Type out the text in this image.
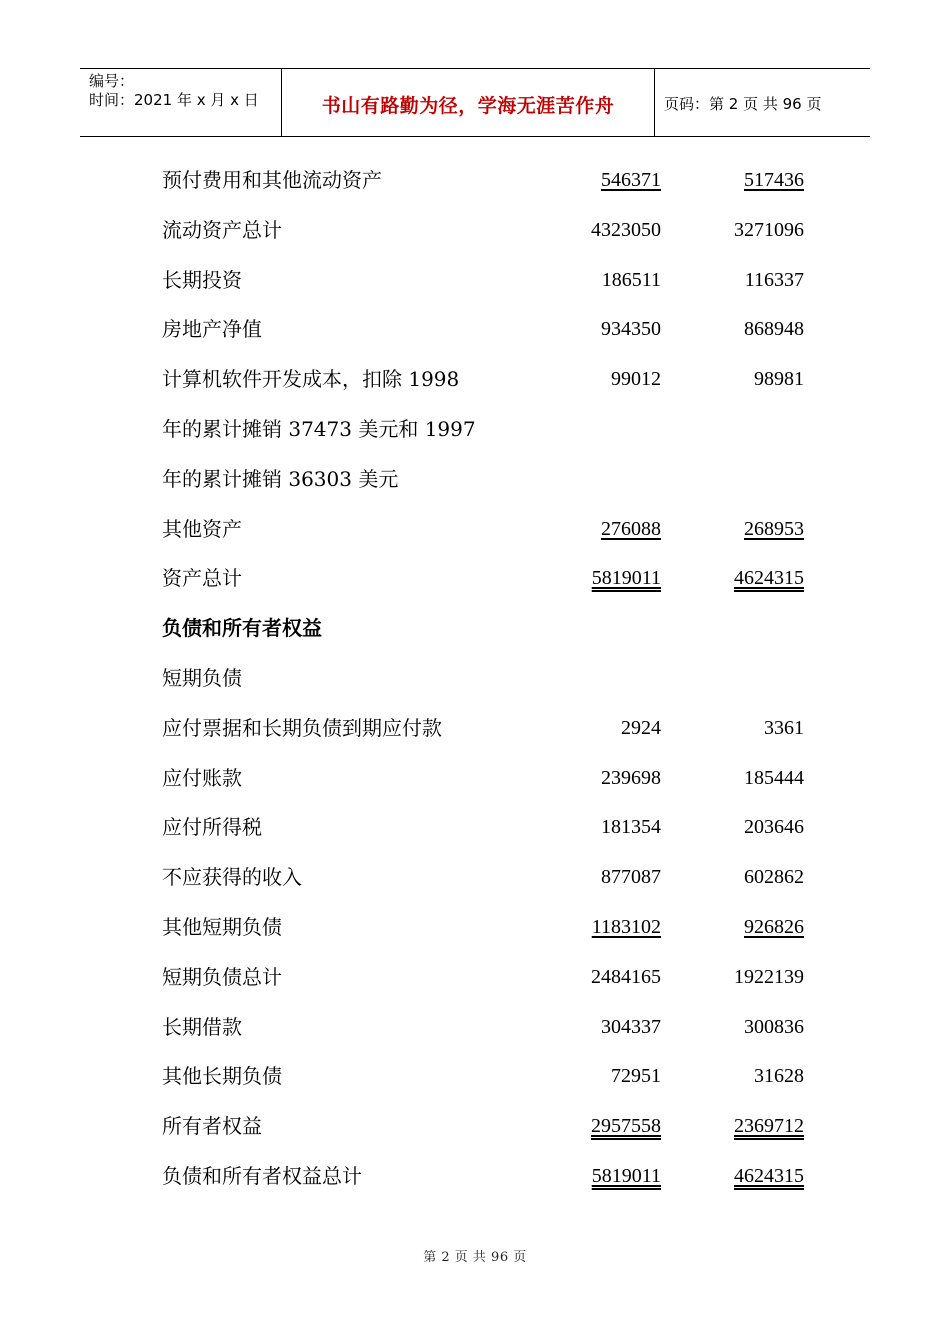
编号：
时间：2021 年 x 月 x 日	书山有路勤为径，学海无涯苦作舟	页码：第 2 页 共 96 页
预付费用和其他流动资产	546371	517436
流动资产总计	4323050	3271096
长期投资	186511	116337
房地产净值	934350	868948
计算机软件开发成本，扣除 1998	99012	98981
年的累计摊销 37473 美元和 1997
年的累计摊销 36303 美元
其他资产	276088	268953
资产总计	5819011	4624315
负债和所有者权益
短期负债
应付票据和长期负债到期应付款	2924	3361
应付账款	239698	185444
应付所得税	181354	203646
不应获得的收入	877087	602862
其他短期负债	1183102	926826
短期负债总计	2484165	1922139
长期借款	304337	300836
其他长期负债	72951	31628
所有者权益	2957558	2369712
负债和所有者权益总计	5819011	4624315
第 2 页 共 96 页
